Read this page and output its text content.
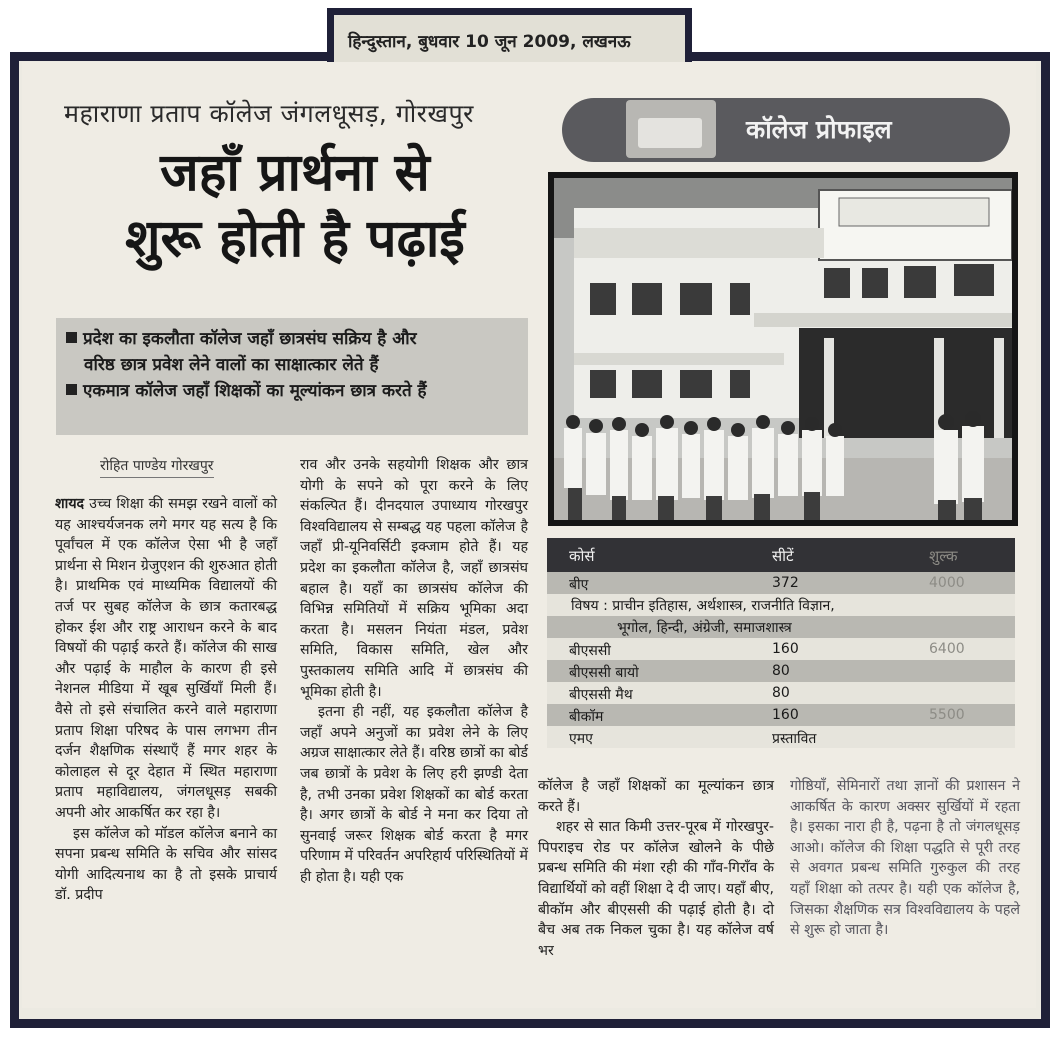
हिन्दुस्तान, बुधवार 10 जून 2009, लखनऊ
महाराणा प्रताप कॉलेज जंगलधूसड़, गोरखपुर
जहाँ प्रार्थना से
शुरू होती है पढ़ाई
प्रदेश का इकलौता कॉलेज जहाँ छात्रसंघ सक्रिय है और
वरिष्ठ छात्र प्रवेश लेने वालों का साक्षात्कार लेते हैं
एकमात्र कॉलेज जहाँ शिक्षकों का मूल्यांकन छात्र करते हैं
कॉलेज प्रोफाइल
रोहित पाण्डेय गोरखपुर

शायद उच्च शिक्षा की समझ रखने वालों को यह आश्चर्यजनक लगे मगर यह सत्य है कि पूर्वांचल में एक कॉलेज ऐसा भी है जहाँ प्रार्थना से मिशन ग्रेजुएशन की शुरुआत होती है। प्राथमिक एवं माध्यमिक विद्यालयों की तर्ज पर सुबह कॉलेज के छात्र कतारबद्ध होकर ईश और राष्ट्र आराधन करने के बाद विषयों की पढ़ाई करते हैं। कॉलेज की साख और पढ़ाई के माहौल के कारण ही इसे नेशनल मीडिया में खूब सुर्खियाँ मिली हैं। वैसे तो इसे संचालित करने वाले महाराणा प्रताप शिक्षा परिषद के पास लगभग तीन दर्जन शैक्षणिक संस्थाएँ हैं मगर शहर के कोलाहल से दूर देहात में स्थित महाराणा प्रताप महाविद्यालय, जंगलधूसड़ सबकी अपनी ओर आकर्षित कर रहा है।

इस कॉलेज को मॉडल कॉलेज बनाने का सपना प्रबन्ध समिति के सचिव और सांसद योगी आदित्यनाथ का है तो इसके प्राचार्य डॉ. प्रदीप

राव और उनके सहयोगी शिक्षक और छात्र योगी के सपने को पूरा करने के लिए संकल्पित हैं। दीनदयाल उपाध्याय गोरखपुर विश्वविद्यालय से सम्बद्ध यह पहला कॉलेज है जहाँ प्री-यूनिवर्सिटी इक्जाम होते हैं। यह प्रदेश का इकलौता कॉलेज है, जहाँ छात्रसंघ बहाल है। यहाँ का छात्रसंघ कॉलेज की विभिन्न समितियों में सक्रिय भूमिका अदा करता है। मसलन नियंता मंडल, प्रवेश समिति, विकास समिति, खेल और पुस्तकालय समिति आदि में छात्रसंघ की भूमिका होती है।

इतना ही नहीं, यह इकलौता कॉलेज है जहाँ अपने अनुजों का प्रवेश लेने के लिए अग्रज साक्षात्कार लेते हैं। वरिष्ठ छात्रों का बोर्ड जब छात्रों के प्रवेश के लिए हरी झण्डी देता है, तभी उनका प्रवेश शिक्षकों का बोर्ड करता है। अगर छात्रों के बोर्ड ने मना कर दिया तो सुनवाई जरूर शिक्षक बोर्ड करता है मगर परिणाम में परिवर्तन अपरिहार्य परिस्थितियों में ही होता है। यही एक

कॉलेज है जहाँ शिक्षकों का मूल्यांकन छात्र करते हैं।

शहर से सात किमी उत्तर-पूरब में गोरखपुर-पिपराइच रोड पर कॉलेज खोलने के पीछे प्रबन्ध समिति की मंशा रही की गाँव-गिराँव के विद्यार्थियों को वहीं शिक्षा दे दी जाए। यहाँ बीए, बीकॉम और बीएससी की पढ़ाई होती है। दो बैच अब तक निकल चुका है। यह कॉलेज वर्ष भर

गोष्ठियाँ, सेमिनारों तथा ज्ञानों की प्रशासन ने आकर्षित के कारण अक्सर सुर्खियों में रहता है। इसका नारा ही है, पढ़ना है तो जंगलधूसड़ आओ। कॉलेज की शिक्षा पद्धति से पूरी तरह से अवगत प्रबन्ध समिति गुरुकुल की तरह यहाँ शिक्षा को तत्पर है। यही एक कॉलेज है, जिसका शैक्षणिक सत्र विश्वविद्यालय के पहले से शुरू हो जाता है।

कोर्स	सीटें	शुल्क
बीए	372	4000
विषय : प्राचीन इतिहास, अर्थशास्त्र, राजनीति विज्ञान,
भूगोल, हिन्दी, अंग्रेजी, समाजशास्त्र
बीएससी	160	6400
बीएससी बायो	80
बीएससी मैथ	80
बीकॉम	160	5500
एमए	प्रस्तावित
